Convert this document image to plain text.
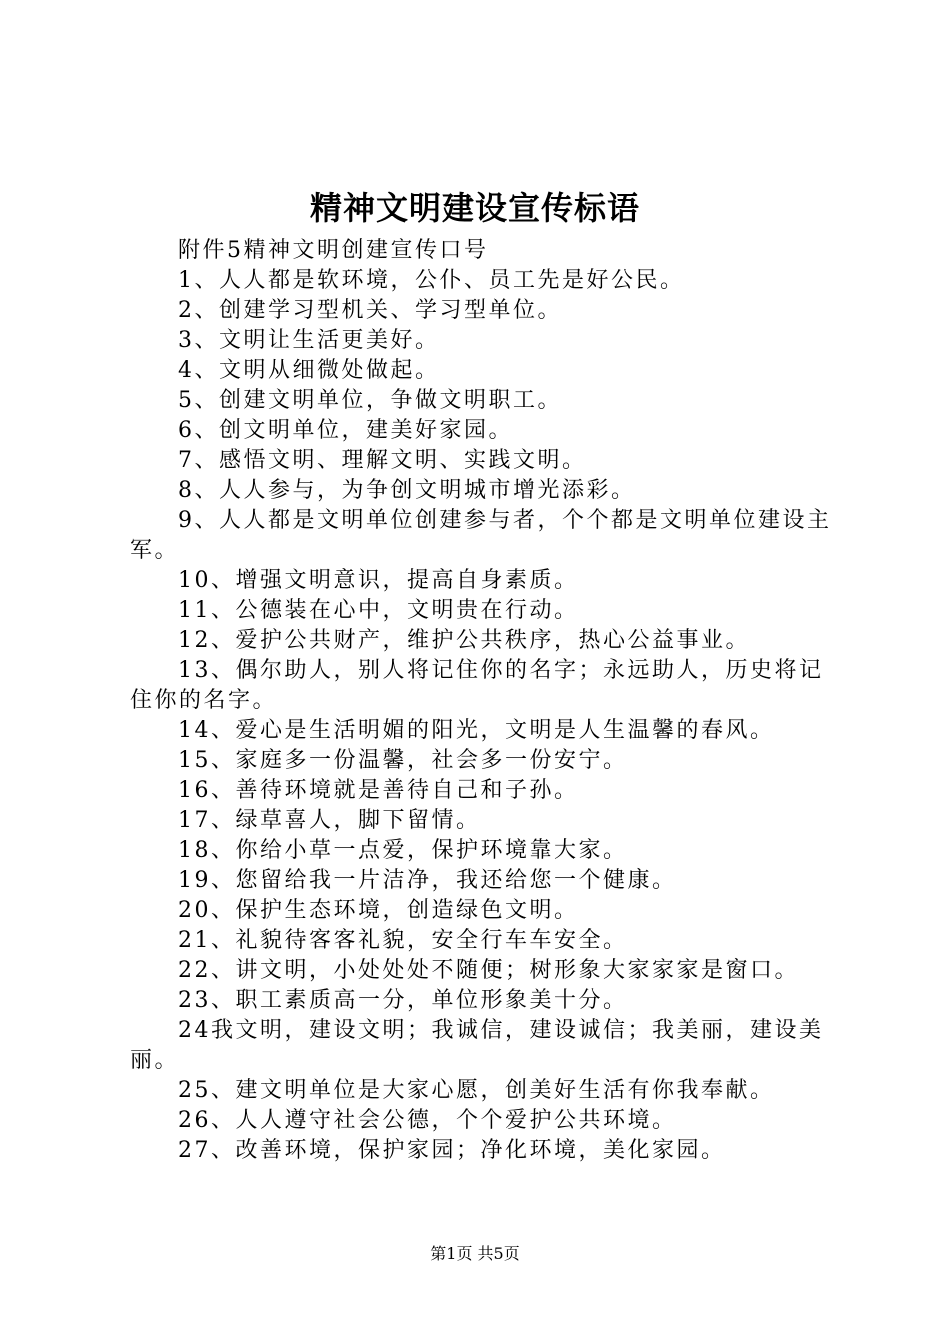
精神文明建设宣传标语

附件5精神文明创建宣传口号

1、人人都是软环境，公仆、员工先是好公民。

2、创建学习型机关、学习型单位。

3、文明让生活更美好。

4、文明从细微处做起。

5、创建文明单位，争做文明职工。

6、创文明单位，建美好家园。

7、感悟文明、理解文明、实践文明。

8、人人参与，为争创文明城市增光添彩。

9、人人都是文明单位创建参与者，个个都是文明单位建设主军。

10、增强文明意识，提高自身素质。

11、公德装在心中，文明贵在行动。

12、爱护公共财产，维护公共秩序，热心公益事业。

13、偶尔助人，别人将记住你的名字；永远助人，历史将记住你的名字。

14、爱心是生活明媚的阳光，文明是人生温馨的春风。

15、家庭多一份温馨，社会多一份安宁。

16、善待环境就是善待自己和子孙。

17、绿草喜人，脚下留情。

18、你给小草一点爱，保护环境靠大家。

19、您留给我一片洁净，我还给您一个健康。

20、保护生态环境，创造绿色文明。

21、礼貌待客客礼貌，安全行车车安全。

22、讲文明，小处处处不随便；树形象大家家家是窗口。

23、职工素质高一分，单位形象美十分。

24我文明，建设文明；我诚信，建设诚信；我美丽，建设美丽。

25、建文明单位是大家心愿，创美好生活有你我奉献。

26、人人遵守社会公德，个个爱护公共环境。

27、改善环境，保护家园；净化环境，美化家园。

第1页 共5页
